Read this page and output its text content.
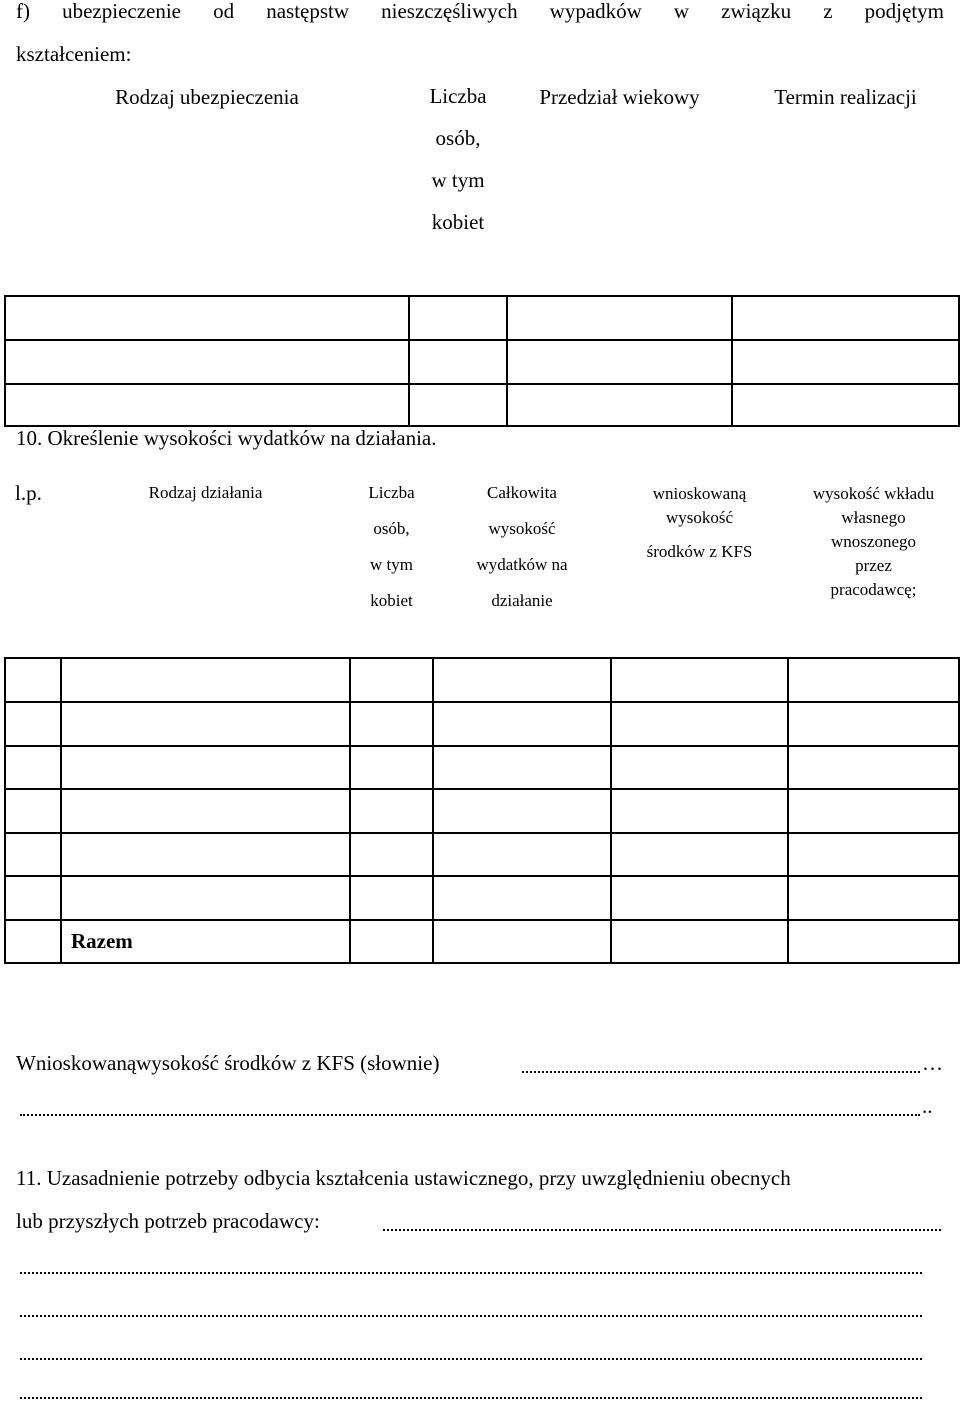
f) ubezpieczenie od następstw nieszczęśliwych wypadków w związku z podjętym
kształceniem:
Rodzaj ubezpieczenia	Liczba
osób,
w tym
kobiet	Przedział wiekowy	Termin realizacji

10. Określenie wysokości wydatków na działania.
l.p.	Rodzaj działania	Liczba
osób,
w tym
kobiet	Całkowita
wysokość
wydatków na
działanie	wnioskowaną
wysokość
środków z KFS	wysokość wkładu
własnego
wnoszonego
przez
pracodawcę;

	Razem				

Wnioskowanąwysokość środków z KFS (słownie)	…
..
11. Uzasadnienie potrzeby odbycia kształcenia ustawicznego, przy uwzględnieniu obecnych
lub przyszłych potrzeb pracodawcy:
